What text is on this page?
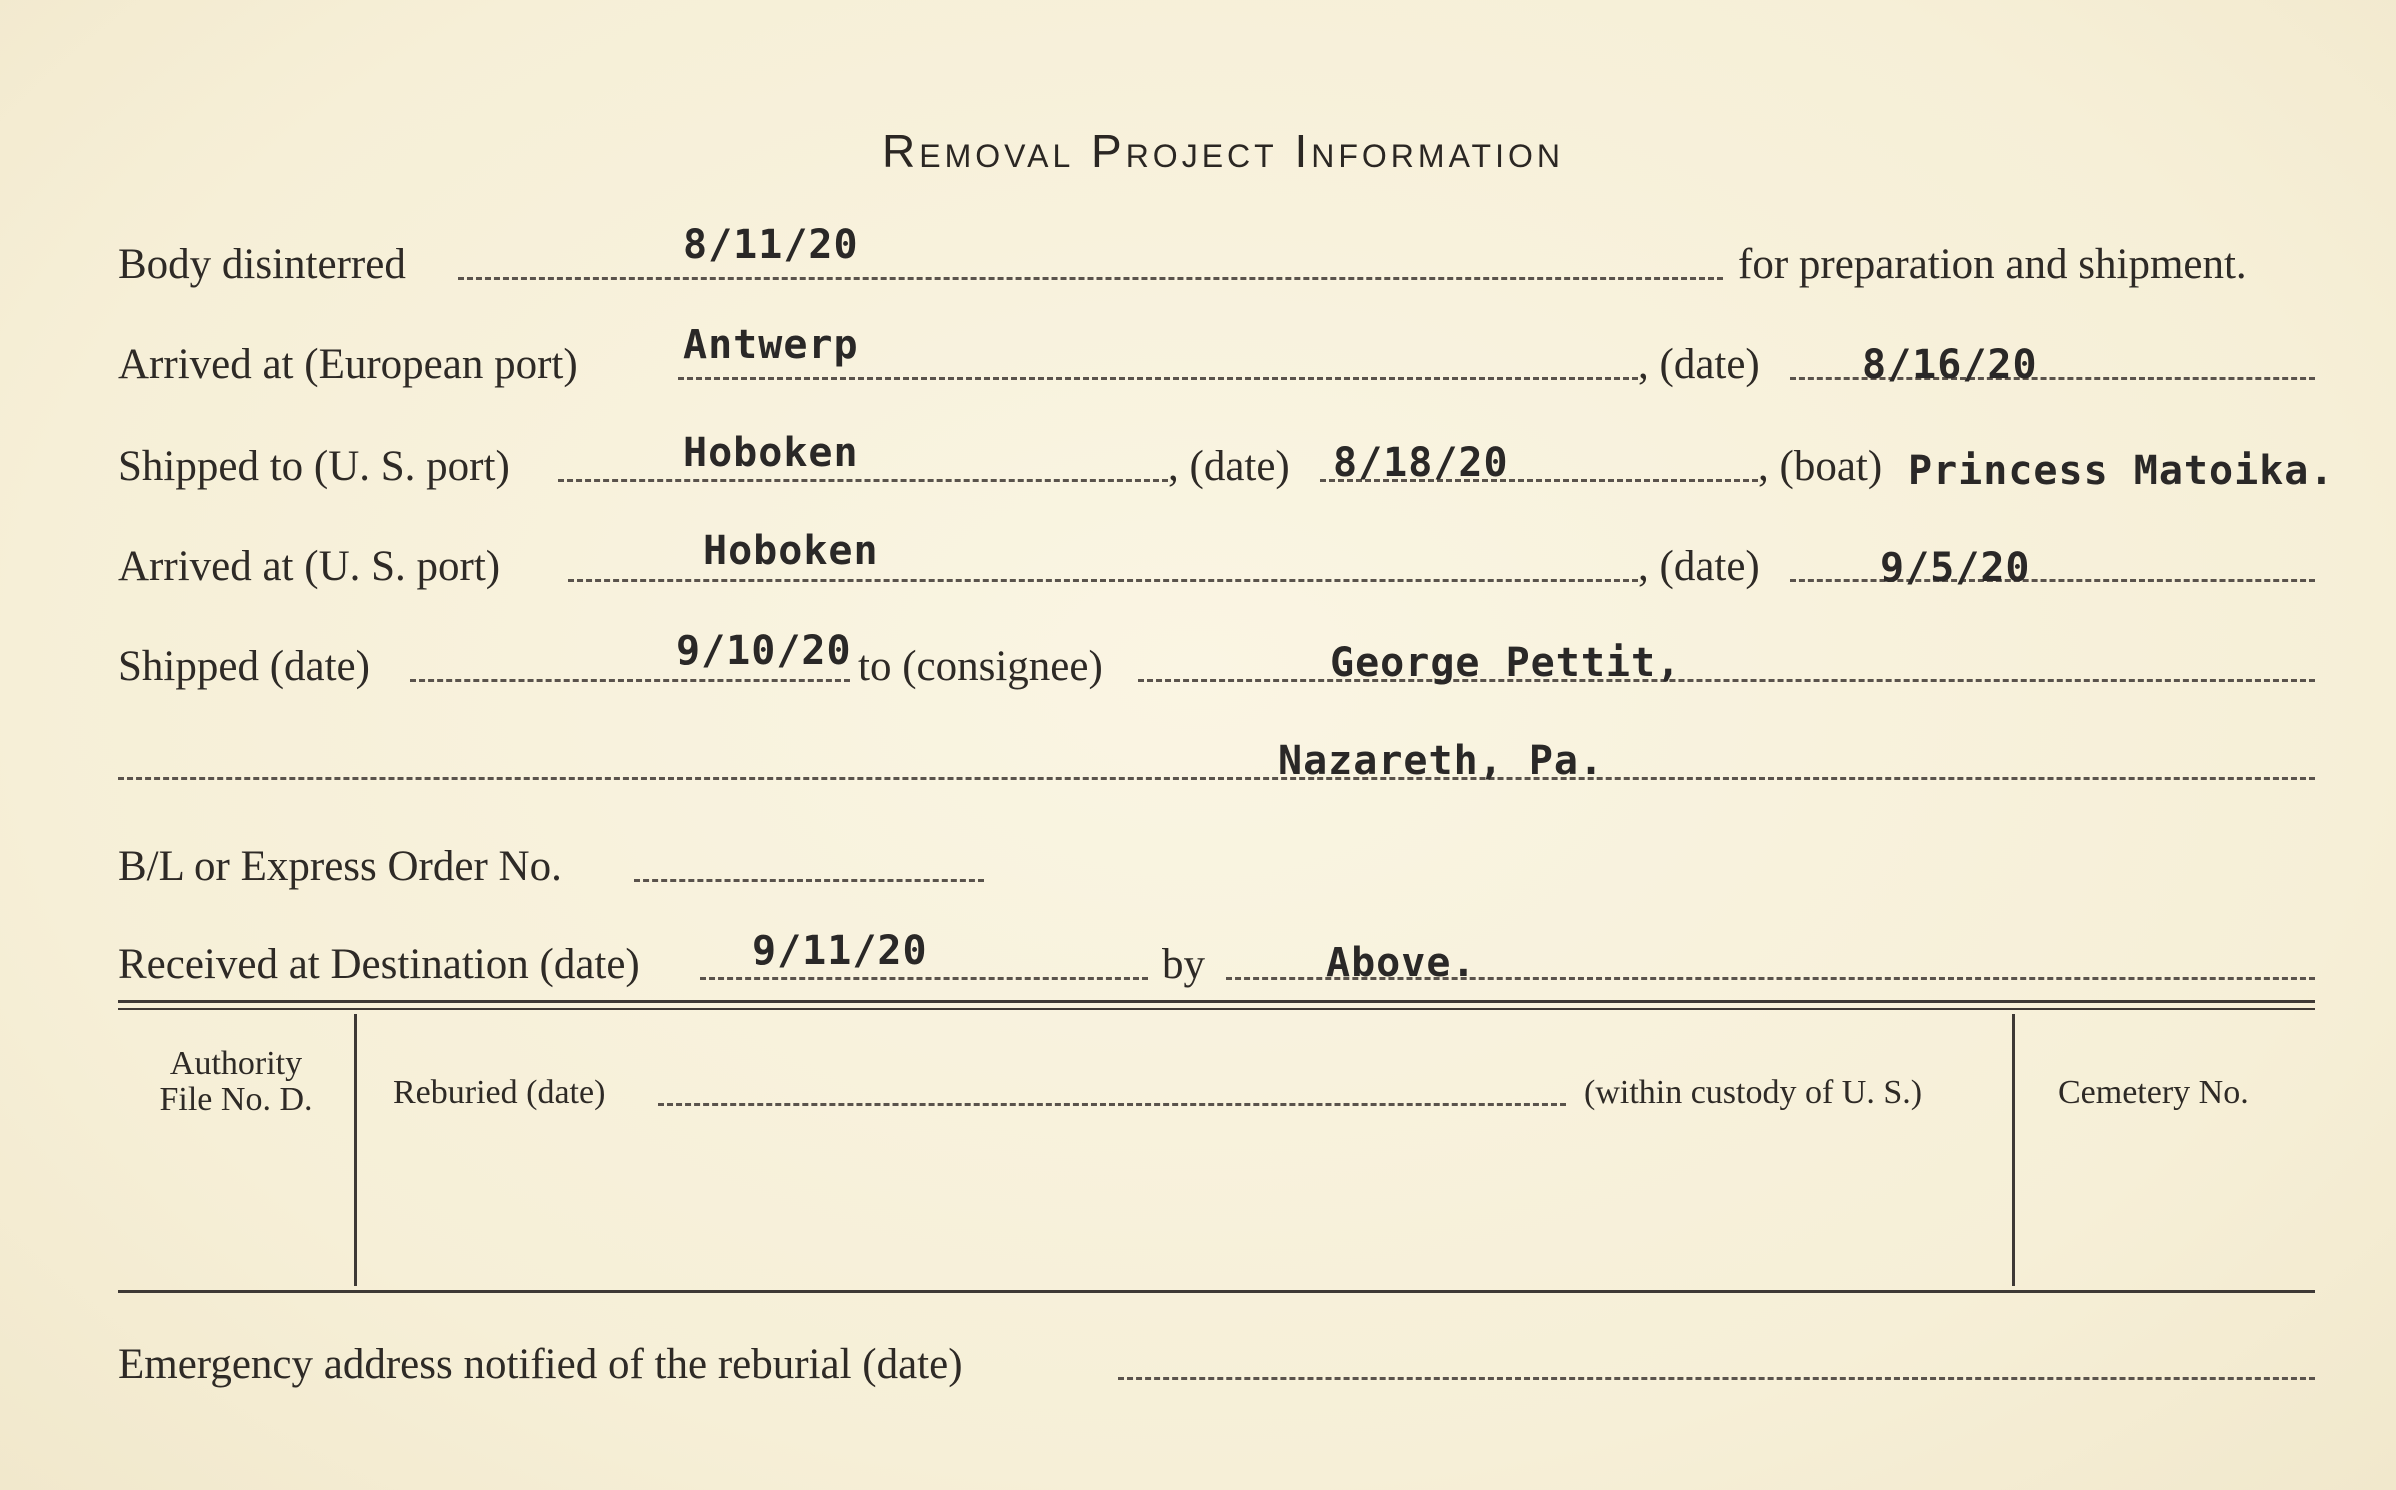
Removal Project Information
Body disinterred	8/11/20	for preparation and shipment.
Arrived at (European port)	Antwerp	, (date)	8/16/20
Shipped to (U. S. port)	Hoboken	, (date) 8/18/20	, (boat) Princess Matoika.
Arrived at (U. S. port)	Hoboken	, (date)	9/5/20
Shipped (date)	9/10/20 to (consignee)	George Pettit,
Nazareth, Pa.
B/L or Express Order No.
Received at Destination (date)	9/11/20	by	Above.
Authority
File No. D.	Reburied (date)	(within custody of U. S.)	Cemetery No.
Emergency address notified of the reburial (date)
